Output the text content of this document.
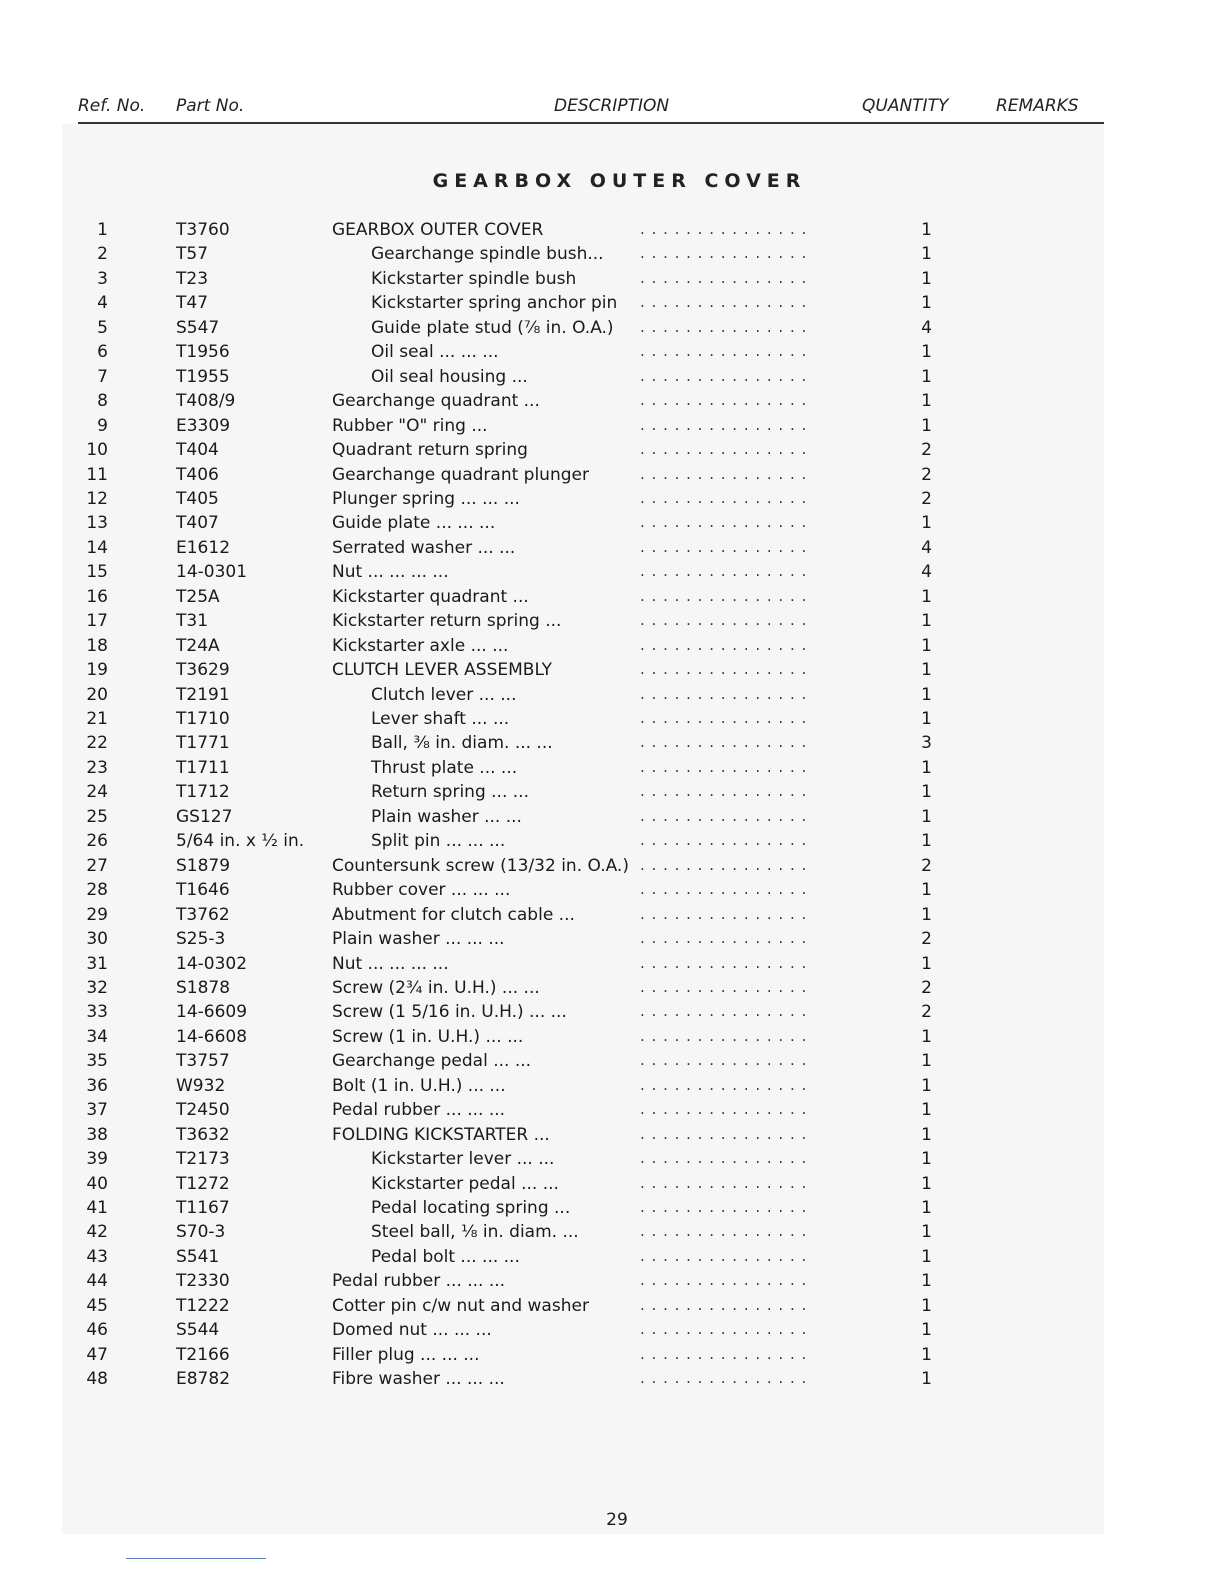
Ref. No. Part No.	DESCRIPTION	QUANTITY	REMARKS
GEARBOX OUTER COVER
1	T3760	GEARBOX OUTER COVER	. . . . . . . . . . . . . . .	1
2	T57	Gearchange spindle bush... . . . . . . . . . . . . . . .	1
3	T23	Kickstarter spindle bush	. . . . . . . . . . . . . . .	1
4	T47	Kickstarter spring anchor pin . . . . . . . . . . . . . . .	1
5	S547	Guide plate stud (⅞ in. O.A.) . . . . . . . . . . . . . . .	4
6	T1956	Oil seal ... ... ...	. . . . . . . . . . . . . . .	1
7	T1955	Oil seal housing ...	. . . . . . . . . . . . . . .	1
8	T408/9	Gearchange quadrant ...	. . . . . . . . . . . . . . .	1
9	E3309	Rubber "O" ring ...	. . . . . . . . . . . . . . .	1
10	T404	Quadrant return spring	. . . . . . . . . . . . . . .	2
11	T406	Gearchange quadrant plunger	. . . . . . . . . . . . . . .	2
12	T405	Plunger spring ... ... ...	. . . . . . . . . . . . . . .	2
13	T407	Guide plate ... ... ...	. . . . . . . . . . . . . . .	1
14	E1612	Serrated washer ... ...	. . . . . . . . . . . . . . .	4
15	14-0301	Nut ... ... ... ...	. . . . . . . . . . . . . . .	4
16	T25A	Kickstarter quadrant ...	. . . . . . . . . . . . . . .	1
17	T31	Kickstarter return spring ...	. . . . . . . . . . . . . . .	1
18	T24A	Kickstarter axle ... ...	. . . . . . . . . . . . . . .	1
19	T3629	CLUTCH LEVER ASSEMBLY	. . . . . . . . . . . . . . .	1
20	T2191	Clutch lever ... ...	. . . . . . . . . . . . . . .	1
21	T1710	Lever shaft ... ...	. . . . . . . . . . . . . . .	1
22	T1771	Ball, ⅜ in. diam. ... ...	. . . . . . . . . . . . . . .	3
23	T1711	Thrust plate ... ...	. . . . . . . . . . . . . . .	1
24	T1712	Return spring ... ...	. . . . . . . . . . . . . . .	1
25	GS127	Plain washer ... ...	. . . . . . . . . . . . . . .	1
26	5/64 in. x ½ in.	Split pin ... ... ...	. . . . . . . . . . . . . . .	1
27	S1879	Countersunk screw (13/32 in. O.A.) . . . . . . . . . . . . . . .	2
28	T1646	Rubber cover ... ... ...	. . . . . . . . . . . . . . .	1
29	T3762	Abutment for clutch cable ...	. . . . . . . . . . . . . . .	1
30	S25-3	Plain washer ... ... ...	. . . . . . . . . . . . . . .	2
31	14-0302	Nut ... ... ... ...	. . . . . . . . . . . . . . .	1
32	S1878	Screw (2¾ in. U.H.) ... ...	. . . . . . . . . . . . . . .	2
33	14-6609	Screw (1 5/16 in. U.H.) ... ...	. . . . . . . . . . . . . . .	2
34	14-6608	Screw (1 in. U.H.) ... ...	. . . . . . . . . . . . . . .	1
35	T3757	Gearchange pedal ... ...	. . . . . . . . . . . . . . .	1
36	W932	Bolt (1 in. U.H.) ... ...	. . . . . . . . . . . . . . .	1
37	T2450	Pedal rubber ... ... ...	. . . . . . . . . . . . . . .	1
38	T3632	FOLDING KICKSTARTER ...	. . . . . . . . . . . . . . .	1
39	T2173	Kickstarter lever ... ...	. . . . . . . . . . . . . . .	1
40	T1272	Kickstarter pedal ... ...	. . . . . . . . . . . . . . .	1
41	T1167	Pedal locating spring ...	. . . . . . . . . . . . . . .	1
42	S70-3	Steel ball, ⅛ in. diam. ...	. . . . . . . . . . . . . . .	1
43	S541	Pedal bolt ... ... ...	. . . . . . . . . . . . . . .	1
44	T2330	Pedal rubber ... ... ...	. . . . . . . . . . . . . . .	1
45	T1222	Cotter pin c/w nut and washer	. . . . . . . . . . . . . . .	1
46	S544	Domed nut ... ... ...	. . . . . . . . . . . . . . .	1
47	T2166	Filler plug ... ... ...	. . . . . . . . . . . . . . .	1
48	E8782	Fibre washer ... ... ...	. . . . . . . . . . . . . . .	1
29
